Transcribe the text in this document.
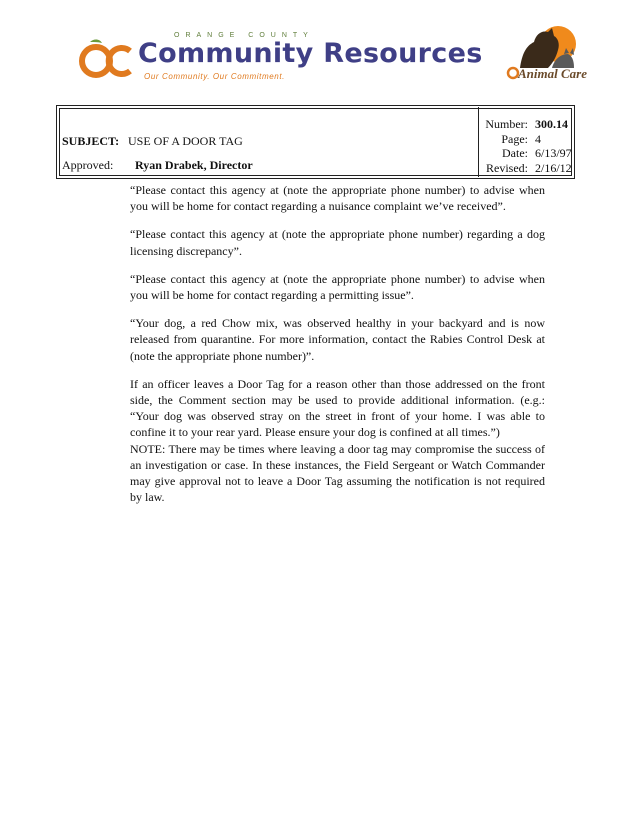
ORANGE COUNTY
Community Resources
Our Community. Our Commitment.	Animal Care
SUBJECT: USE OF A DOOR TAG
Approved: Ryan Drabek, Director
Number:
Page:
Date:
Revised:
300.14
4
6/13/97
2/16/12

“Please contact this agency at (note the appropriate phone number) to advise when you will be home for contact regarding a nuisance complaint we’ve received”.

“Please contact this agency at (note the appropriate phone number) regarding a dog licensing discrepancy”.

“Please contact this agency at (note the appropriate phone number) to advise when you will be home for contact regarding a permitting issue”.

“Your dog, a red Chow mix, was observed healthy in your backyard and is now released from quarantine. For more information, contact the Rabies Control Desk at (note the appropriate phone number)”.

If an officer leaves a Door Tag for a reason other than those addressed on the front side, the Comment section may be used to provide additional information. (e.g.: “Your dog was observed stray on the street in front of your home. I was able to confine it to your rear yard. Please ensure your dog is confined at all times.”)

NOTE: There may be times where leaving a door tag may compromise the success of an investigation or case. In these instances, the Field Sergeant or Watch Commander may give approval not to leave a Door Tag assuming the notification is not required by law.
